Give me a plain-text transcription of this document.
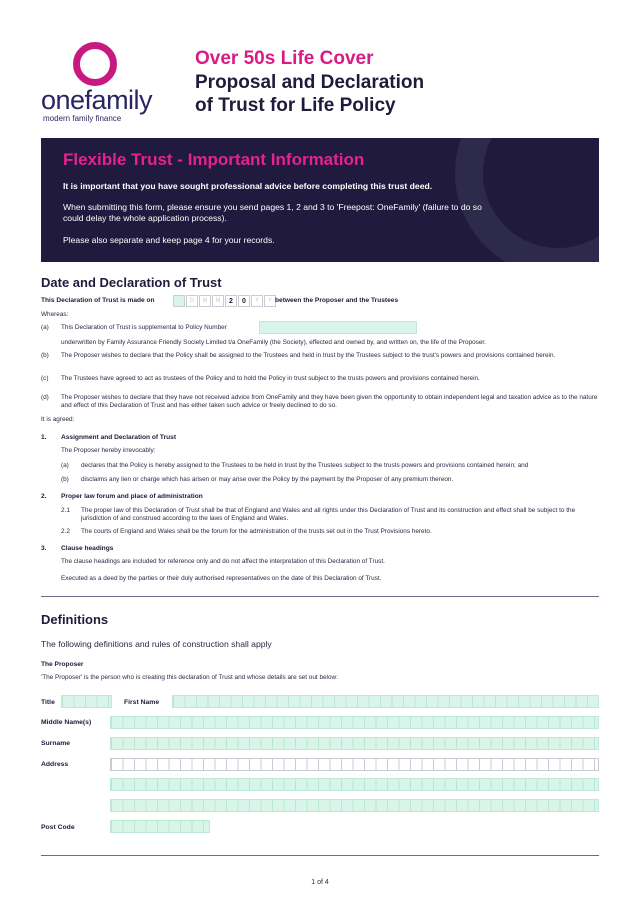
onefamily
modern family finance
Over 50s Life Cover
Proposal and Declaration
of Trust for Life Policy
Flexible Trust - Important Information
It is important that you have sought professional advice before completing this trust deed.
When submitting this form, please ensure you send pages 1, 2 and 3 to 'Freepost: OneFamily' (failure to do so could delay the whole application process).
Please also separate and keep page 4 for your records.
Date and Declaration of Trust
This Declaration of Trust is made on	D	M	M	2	0	Y	Y between the Proposer and the Trustees
Whereas:
(a) This Declaration of Trust is supplemental to Policy Number
underwritten by Family Assurance Friendly Society Limited t/a OneFamily (the Society), effected and owned by, and written on, the life of the Proposer.
(b) The Proposer wishes to declare that the Policy shall be assigned to the Trustees and held in trust by the Trustees subject to the trust's powers and provisions contained herein.
(c) The Trustees have agreed to act as trustees of the Policy and to hold the Policy in trust subject to the trusts powers and provisions contained herein.
(d) The Proposer wishes to declare that they have not received advice from OneFamily and they have been given the opportunity to obtain independent legal and taxation advice as to the nature and effect of this Declaration of Trust and has either taken such advice or freely declined to do so.
It is agreed:
1. Assignment and Declaration of Trust
The Proposer hereby irrevocably:
(a) declares that the Policy is hereby assigned to the Trustees to be held in trust by the Trustees subject to the trusts powers and provisions contained herein; and
(b) disclaims any lien or charge which has arisen or may arise over the Policy by the payment by the Proposer of any premium thereon.
2. Proper law forum and place of administration
2.1 The proper law of this Declaration of Trust shall be that of England and Wales and all rights under this Declaration of Trust and its construction and effect shall be subject to the jurisdiction of and construed according to the laws of England and Wales.
2.2 The courts of England and Wales shall be the forum for the administration of the trusts set out in the Trust Provisions hereto.
3. Clause headings
The clause headings are included for reference only and do not affect the interpretation of this Declaration of Trust.
Executed as a deed by the parties or their duly authorised representatives on the date of this Declaration of Trust.
Definitions
The following definitions and rules of construction shall apply
The Proposer
'The Proposer' is the person who is creating this declaration of Trust and whose details are set out below:
Title	First Name
Middle Name(s)
Surname
Address
Post Code
1 of 4
